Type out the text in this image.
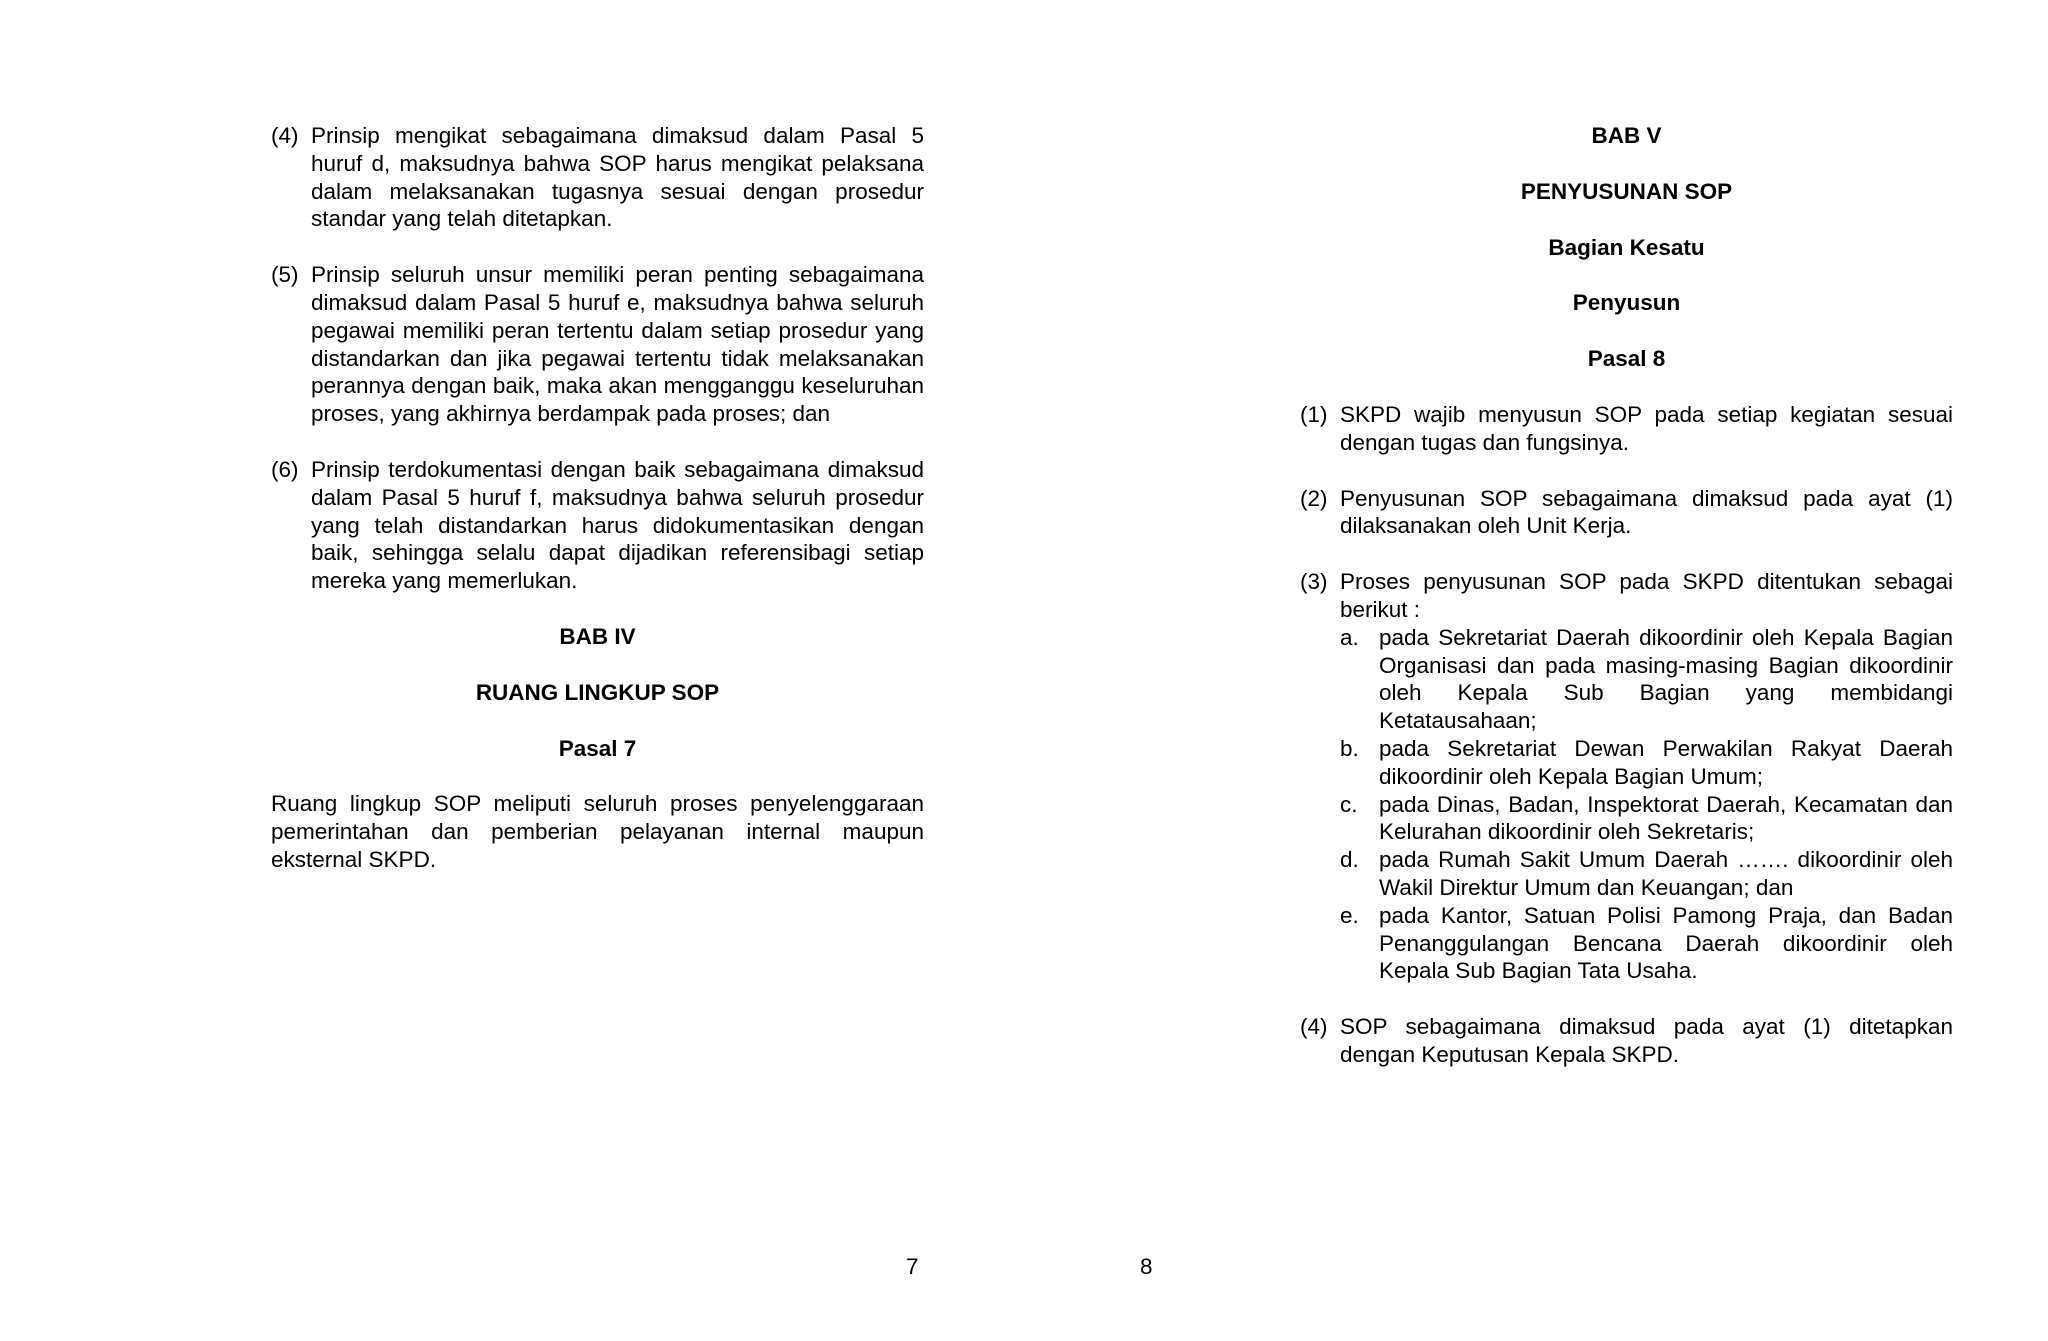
(4) Prinsip mengikat sebagaimana dimaksud dalam Pasal 5 huruf d, maksudnya bahwa SOP harus mengikat pelaksana dalam melaksanakan tugasnya sesuai dengan prosedur standar yang telah ditetapkan.
(5) Prinsip seluruh unsur memiliki peran penting sebagaimana dimaksud dalam Pasal 5 huruf e, maksudnya bahwa seluruh pegawai memiliki peran tertentu dalam setiap prosedur yang distandarkan dan jika pegawai tertentu tidak melaksanakan perannya dengan baik, maka akan mengganggu keseluruhan proses, yang akhirnya berdampak pada proses; dan
(6) Prinsip terdokumentasi dengan baik sebagaimana dimaksud dalam Pasal 5 huruf f, maksudnya bahwa seluruh prosedur yang telah distandarkan harus didokumentasikan dengan baik, sehingga selalu dapat dijadikan referensibagi setiap mereka yang memerlukan.
BAB IV
RUANG LINGKUP SOP
Pasal 7

Ruang lingkup SOP meliputi seluruh proses penyelenggaraan pemerintahan dan pemberian pelayanan internal maupun eksternal SKPD.

7
BAB V
PENYUSUNAN SOP
Bagian Kesatu
Penyusun
Pasal 8
(1) SKPD wajib menyusun SOP pada setiap kegiatan sesuai dengan tugas dan fungsinya.
(2) Penyusunan SOP sebagaimana dimaksud pada ayat (1) dilaksanakan oleh Unit Kerja.
(3) Proses penyusunan SOP pada SKPD ditentukan sebagai berikut :
a. pada Sekretariat Daerah dikoordinir oleh Kepala Bagian Organisasi dan pada masing-masing Bagian dikoordinir oleh Kepala Sub Bagian yang membidangi Ketatausahaan;
b. pada Sekretariat Dewan Perwakilan Rakyat Daerah dikoordinir oleh Kepala Bagian Umum;
c. pada Dinas, Badan, Inspektorat Daerah, Kecamatan dan Kelurahan dikoordinir oleh Sekretaris;
d. pada Rumah Sakit Umum Daerah ……. dikoordinir oleh Wakil Direktur Umum dan Keuangan; dan
e. pada Kantor, Satuan Polisi Pamong Praja, dan Badan Penanggulangan Bencana Daerah dikoordinir oleh Kepala Sub Bagian Tata Usaha.
(4) SOP sebagaimana dimaksud pada ayat (1) ditetapkan dengan Keputusan Kepala SKPD.
8
